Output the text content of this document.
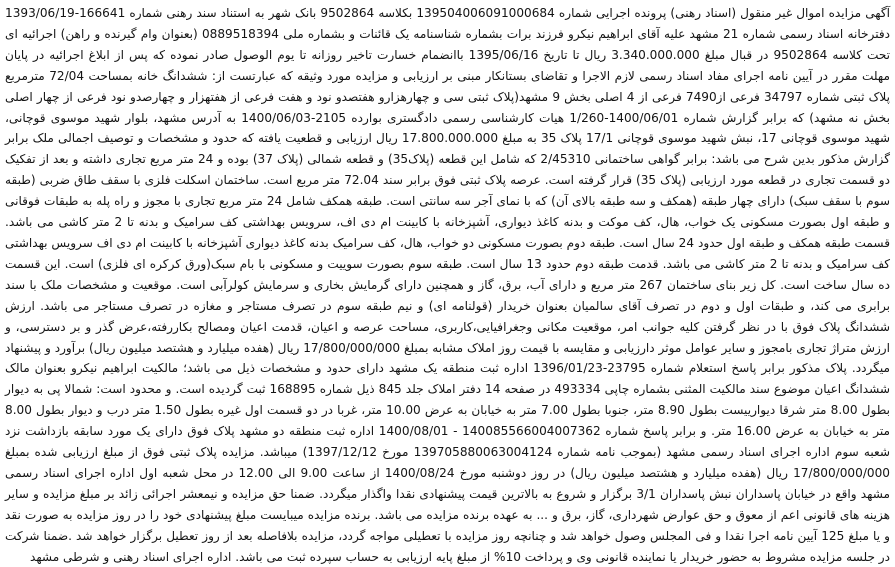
آگهی مزایده اموال غیر منقول (اسناد رهنی) پرونده اجرایی شماره 139504006091000684 بکلاسه 9502864 بانک شهر به استناد سند رهنی شماره 166641-1393/06/19 دفترخانه اسناد رسمی شماره 21 مشهد علیه آقای ابراهیم نیکرو فرزند برات بشماره شناسنامه یک قائنات و بشماره ملی 0889518394 (بعنوان وام گیرنده و راهن) اجرائیه ای تحت کلاسه 9502864 در قبال مبلغ 3.340.000.000 ریال تا تاریخ 1395/06/16 باانضمام خسارت تاخیر روزانه تا یوم الوصول صادر نموده که پس از ابلاغ اجرائیه در پایان مهلت مقرر در آیین نامه اجرای مفاد اسناد رسمی لازم الاجرا و تقاضای بستانکار مبنی بر ارزیابی و مزایده مورد وثیقه که عبارتست از: ششدانگ خانه بمساحت 72/04 مترمربع پلاک ثبتی شماره 34797 فرعی از7490 فرعی از 4 اصلی بخش 9 مشهد(پلاک ثبتی سی و چهارهزارو هفتصدو نود و هفت فرعی از هفتهزار و چهارصدو نود فرعی از چهار اصلی بخش نه مشهد) که برابر گزارش شماره 1400/06/01-1/260 هیات کارشناسی رسمی دادگستری بوارده 2105-1400/06/03 به آدرس مشهد، بلوار شهید موسوی قوچانی، شهید موسوی قوچانی 17، نبش شهید موسوی قوچانی 17/1 پلاک 35 به مبلغ 17.800.000.000 ریال ارزیابی و قطعیت یافته که حدود و مشخصات و توصیف اجمالی ملک برابر گزارش مذکور بدین شرح می باشد: برابر گواهی ساختمانی 2/45310 که شامل این قطعه (پلاک35) و قطعه شمالی (پلاک 37) بوده و 24 متر مربع تجاری داشته و بعد از تفکیک دو قسمت تجاری در قطعه مورد ارزیابی (پلاک 35) قرار گرفته است. عرصه پلاک ثبتی فوق برابر سند 72.04 متر مربع است. ساختمان اسکلت فلزی با سقف طاق ضربی (طبقه سوم با سقف سبک) دارای چهار طبقه (همکف و سه طبقه بالای آن) که با نمای آجر سه سانتی است. طبقه همکف شامل 24 متر مربع تجاری با مجوز و راه پله به طبقات فوقانی و طبقه اول بصورت مسکونی یک خواب، هال، کف موکت و بدنه کاغذ دیواری، آشپزخانه با کابینت ام دی اف، سرویس بهداشتی کف سرامیک و بدنه تا 2 متر کاشی می باشد. قسمت طبقه همکف و طبقه اول حدود 24 سال است. طبقه دوم بصورت مسکونی دو خواب، هال، کف سرامیک بدنه کاغذ دیواری آشپزخانه با کابینت ام دی اف سرویس بهداشتی کف سرامیک و بدنه تا 2 متر کاشی می باشد. قدمت طبقه دوم حدود 13 سال است. طبقه سوم بصورت سوییت و مسکونی با بام سبک(ورق کرکره ای فلزی) است. این قسمت ده سال ساخت است. کل زیر بنای ساختمان 267 متر مربع و دارای آب، برق، گاز و همچنین دارای گرمایش بخاری و سرمایش کولرآبی است. موقعیت و مشخصات ملک با سند برابری می کند، و طبقات اول و دوم در تصرف آقای سالمیان بعنوان خریدار (قولنامه ای) و نیم طبقه سوم در تصرف مستاجر و مغازه در تصرف مستاجر می باشد. ارزش ششدانگ پلاک فوق با در نظر گرفتن کلیه جوانب امر، موقعیت مکانی وجغرافیایی،کاربری، مساحت عرصه و اعیان، قدمت اعیان ومصالح بکاررفته،عرض گذر و بر دسترسی، و ارزش متراژ تجاری بامجوز و سایر عوامل موثر دارزیابی و مقایسه با قیمت روز املاک مشابه بمبلغ 17/800/000/000 ریال (هفده میلیارد و هشتصد میلیون ریال) برآورد و پیشنهاد میگردد. پلاک مذکور برابر پاسخ استعلام شماره 23795-1396/01/23 اداره ثبت منطقه یک مشهد دارای حدود و مشخصات ذیل می باشد؛ مالکیت ابراهیم نیکرو بعنوان مالک ششدانگ اعیان موضوع سند مالکیت المثنی بشماره چاپی 493334 در صفحه 14 دفتر املاک جلد 845 ذیل شماره 168895 ثبت گردیده است. و محدود است: شمالا پی به دیوار بطول 8.00 متر شرقا دیوارییست بطول 8.90 متر، جنوبا بطول 7.00 متر به خیابان به عرض 10.00 متر، غربا در دو قسمت اول غیره بطول 1.50 متر درب و دیوار بطول 8.00 متر به خیابان به عرض 16.00 متر. و برابر پاسخ شماره 140085566004007362 - 1400/08/01 اداره ثبت منطقه دو مشهد پلاک فوق دارای یک مورد سابقه بازداشت نزد شعبه سوم اداره اجرای اسناد رسمی مشهد (بموجب نامه شماره 139705880063004124 مورخ 1397/12/12) میباشد. مزایده پلاک ثبتی فوق از مبلغ ارزیابی شده بمبلغ 17/800/000/000 ریال (هفده میلیارد و هشتصد میلیون ریال) در روز دوشنبه مورخ 1400/08/24 از ساعت 9.00 الی 12.00 در محل شعبه اول اداره اجرای اسناد رسمی مشهد واقع در خیابان پاسداران نبش پاسداران 3/1 برگزار و شروع به بالاترین قیمت پیشنهادی نقدا واگذار میگردد. ضمنا حق مزایده و نیمعشر اجرائی زائد بر مبلغ مزایده و سایر هزینه های قانونی اعم از معوق و حق عوارض شهرداری، گاز، برق و ... به عهده برنده مزایده می باشد. برنده مزایده میبایست مبلغ پیشنهادی خود را در روز مزایده به صورت نقد و یا مبلغ 125 آیین نامه اجرا نقدا و فی المجلس وصول خواهد شد و چنانچه روز مزایده با تعطیلی مواجه گردد، مزایده بلافاصله بعد از روز تعطیل برگزار خواهد شد .ضمنا شرکت در جلسه مزایده مشروط به حضور خریدار یا نماینده قانونی وی و پرداخت 10% از مبلغ پایه ارزیابی به حساب سپرده ثبت می باشد. اداره اجرای اسناد رهنی و شرطی مشهد
